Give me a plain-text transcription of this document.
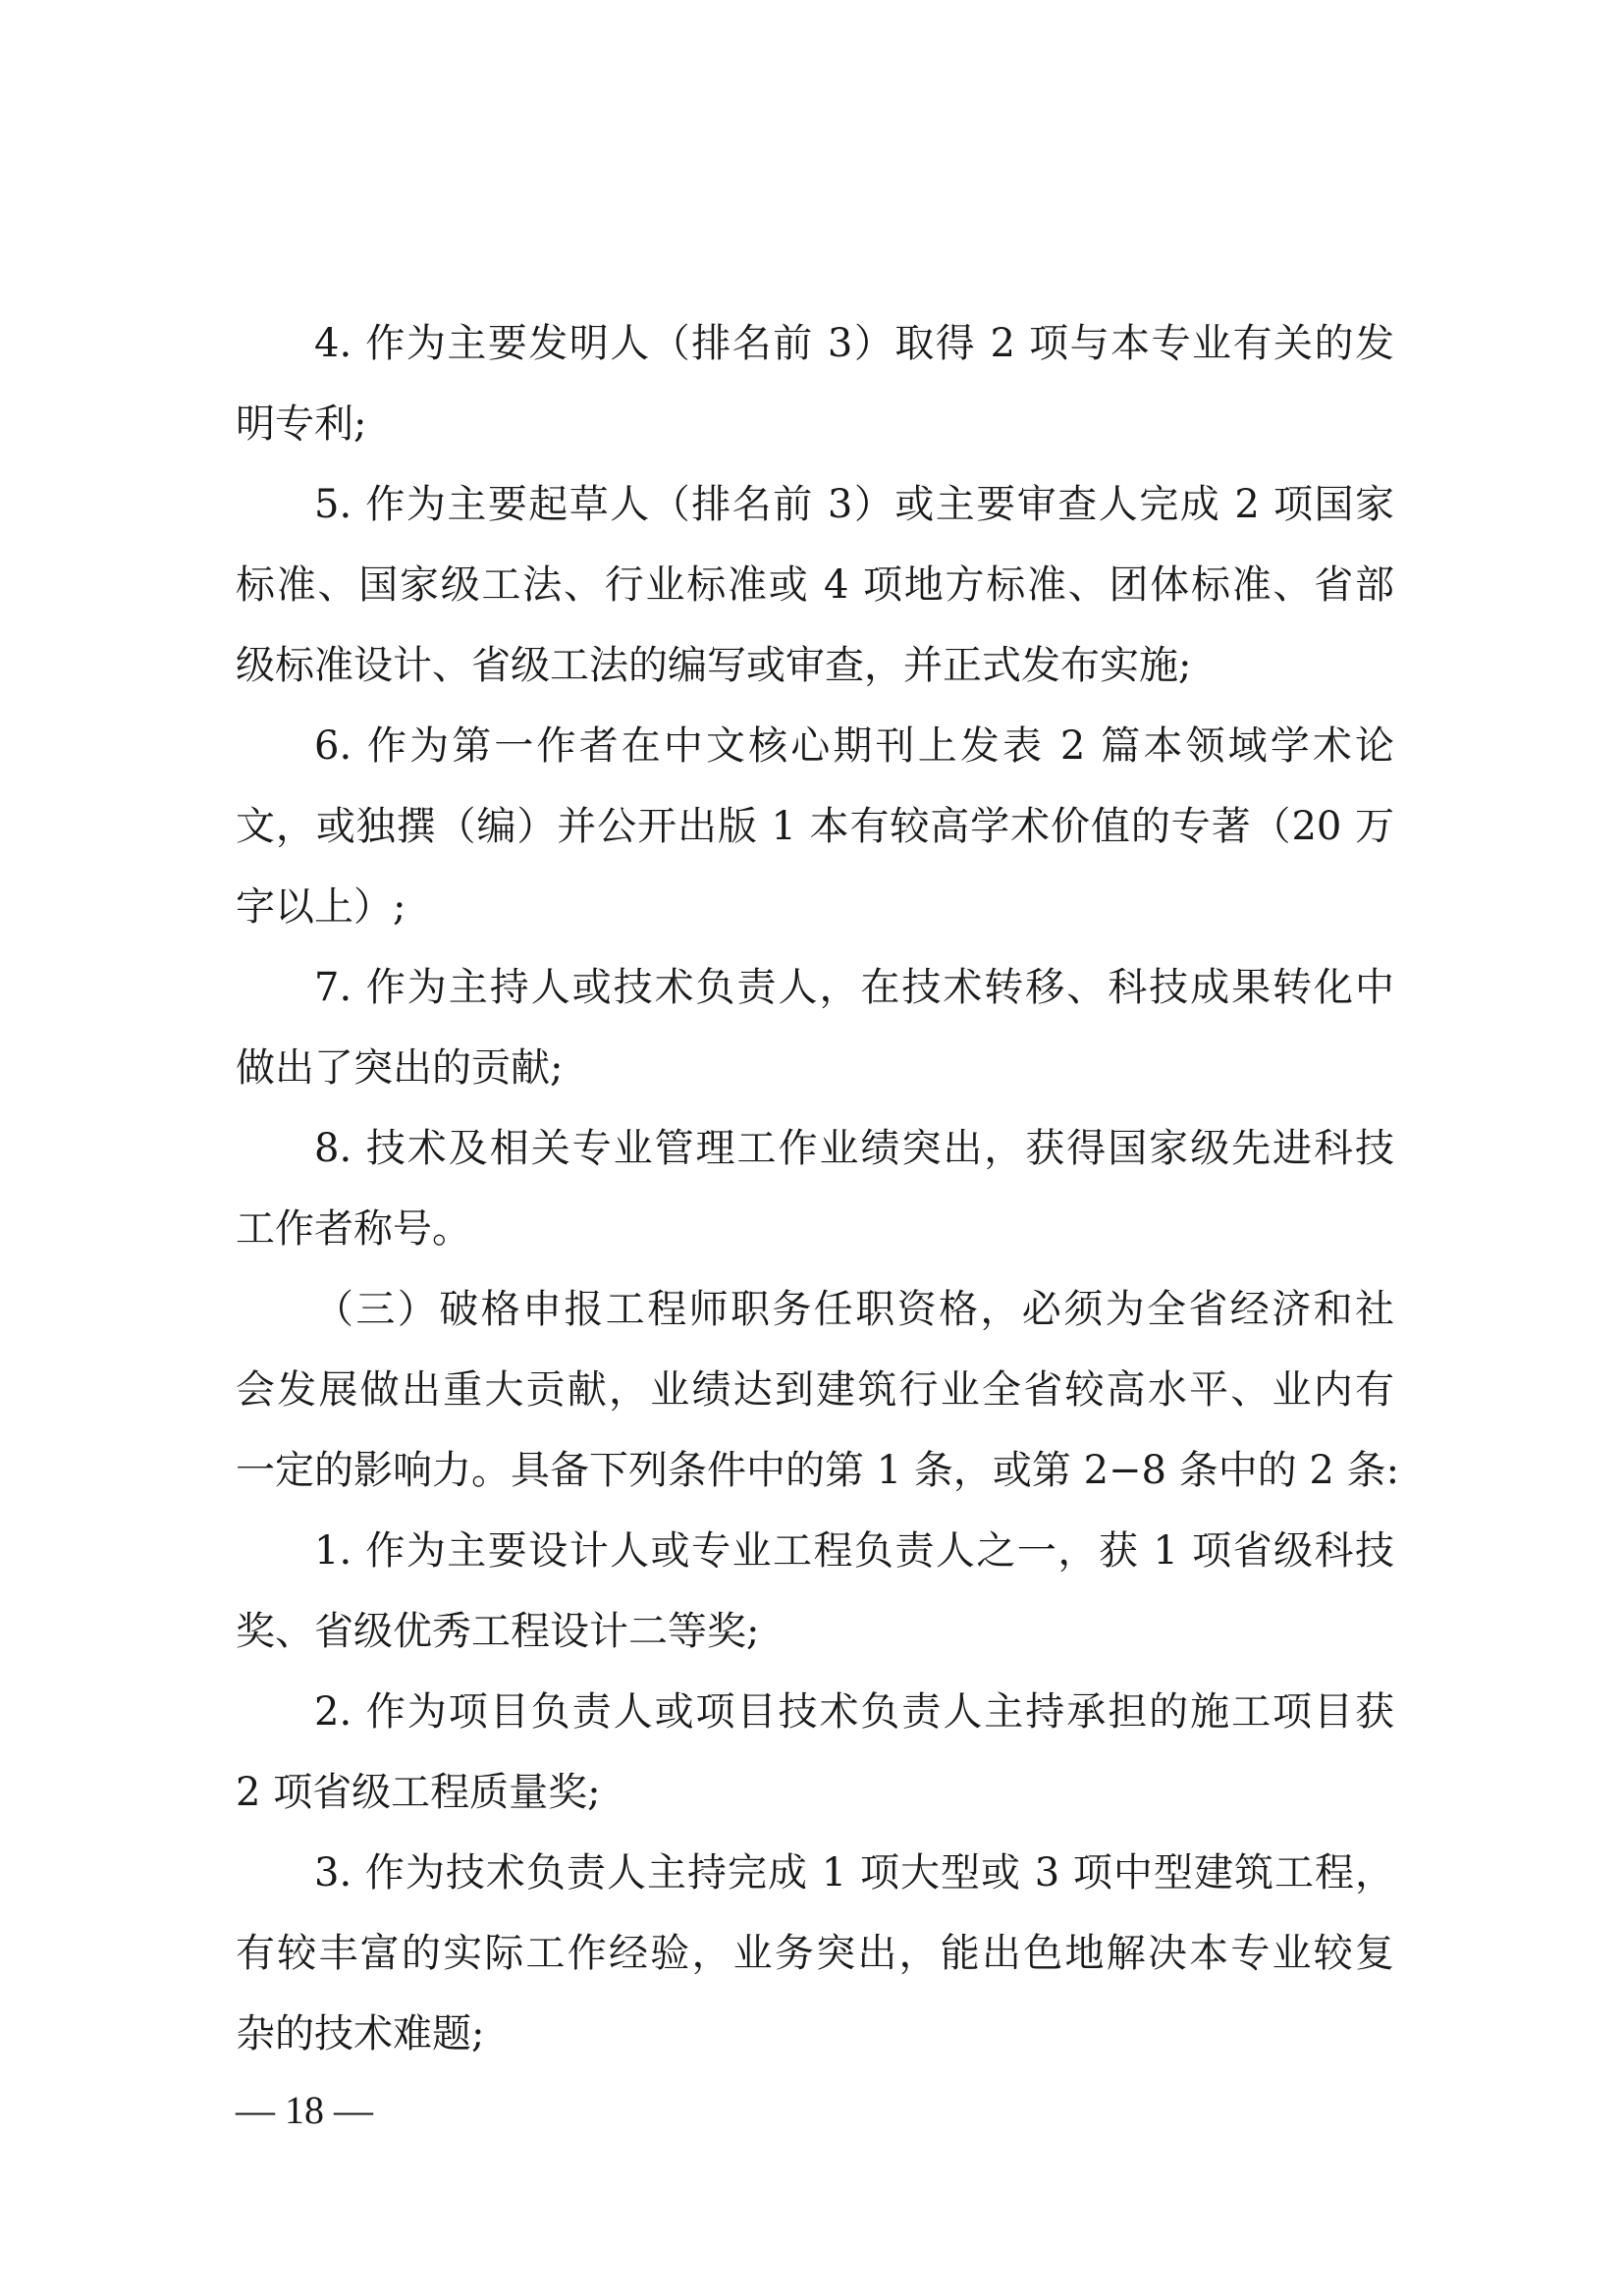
4. 作为主要发明人（排名前 3）取得 2 项与本专业有关的发
明专利;
5. 作为主要起草人（排名前 3）或主要审查人完成 2 项国家
标准、国家级工法、行业标准或 4 项地方标准、团体标准、省部
级标准设计、省级工法的编写或审查，并正式发布实施;
6. 作为第一作者在中文核心期刊上发表 2 篇本领域学术论
文，或独撰（编）并公开出版 1 本有较高学术价值的专著（20 万
字以上）;
7. 作为主持人或技术负责人，在技术转移、科技成果转化中
做出了突出的贡献;
8. 技术及相关专业管理工作业绩突出，获得国家级先进科技
工作者称号。
（三）破格申报工程师职务任职资格，必须为全省经济和社
会发展做出重大贡献，业绩达到建筑行业全省较高水平、业内有
一定的影响力。具备下列条件中的第 1 条，或第 2−8 条中的 2 条:
1. 作为主要设计人或专业工程负责人之一，获 1 项省级科技
奖、省级优秀工程设计二等奖;
2. 作为项目负责人或项目技术负责人主持承担的施工项目获
2 项省级工程质量奖;
3. 作为技术负责人主持完成 1 项大型或 3 项中型建筑工程，
有较丰富的实际工作经验，业务突出，能出色地解决本专业较复
杂的技术难题;
— 18 —
